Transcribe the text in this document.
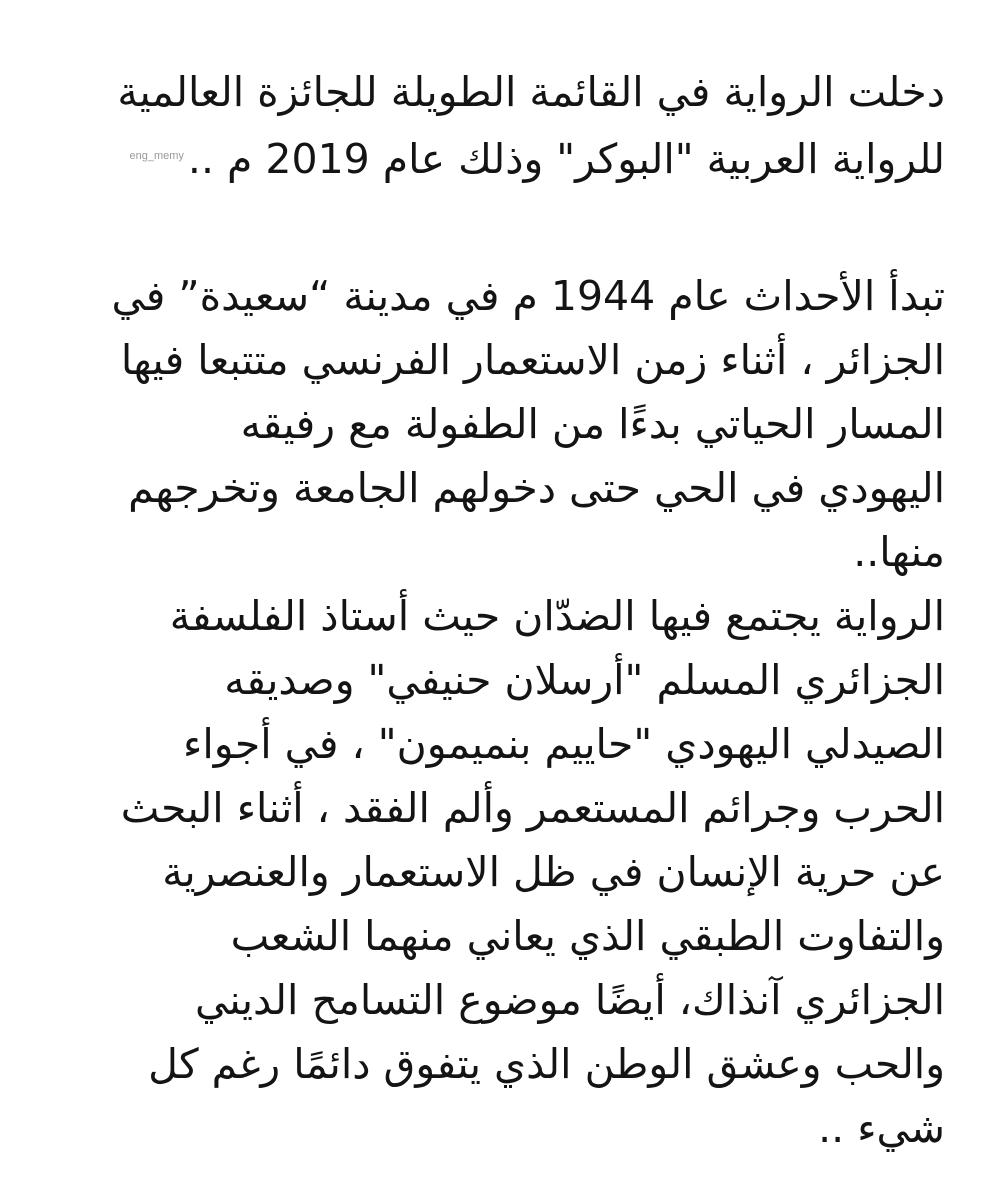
دخلت الرواية في القائمة الطويلة للجائزة العالمية
للرواية العربية "البوكر" وذلك عام 2019 م ..$^{eng\_memy}$
تبدأ الأحداث عام 1944 م في مدينة “سعيدة” في
الجزائر ، أثناء زمن الاستعمار الفرنسي متتبعا فيها
المسار الحياتي بدءًا من الطفولة مع رفيقه
اليهودي في الحي حتى دخولهم الجامعة وتخرجهم
منها..
الرواية يجتمع فيها الضدّان حيث أستاذ الفلسفة
الجزائري المسلم "أرسلان حنيفي" وصديقه
الصيدلي اليهودي "حاييم بنميمون" ، في أجواء
الحرب وجرائم المستعمر وألم الفقد ، أثناء البحث
عن حرية الإنسان في ظل الاستعمار والعنصرية
والتفاوت الطبقي الذي يعاني منهما الشعب
الجزائري آنذاك، أيضًا موضوع التسامح الديني
والحب وعشق الوطن الذي يتفوق دائمًا رغم كل
شيء ..
